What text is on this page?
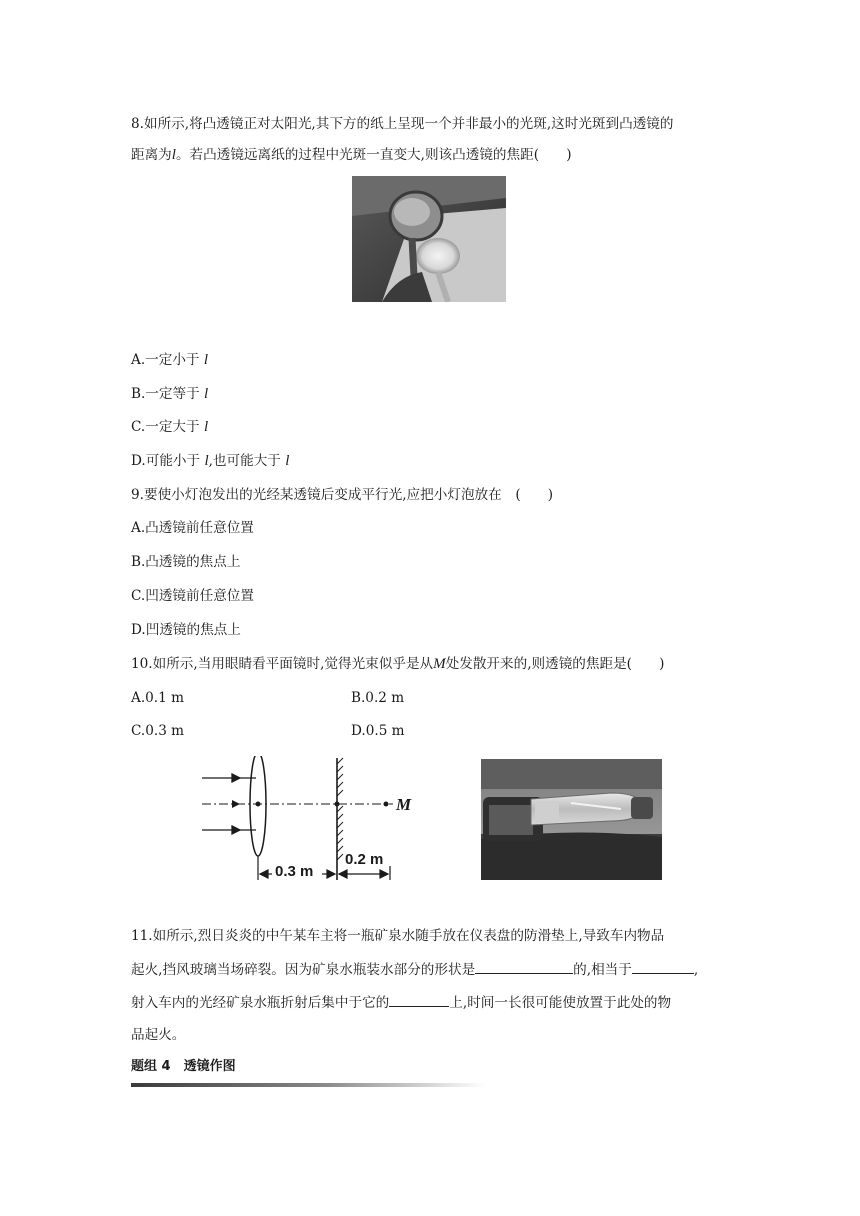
8.如所示,将凸透镜正对太阳光,其下方的纸上呈现一个并非最小的光斑,这时光斑到凸透镜的
距离为l。若凸透镜远离纸的过程中光斑一直变大,则该凸透镜的焦距(　　)
A.一定小于 l
B.一定等于 l
C.一定大于 l
D.可能小于 l,也可能大于 l
9.要使小灯泡发出的光经某透镜后变成平行光,应把小灯泡放在　(　　)
A.凸透镜前任意位置
B.凸透镜的焦点上
C.凹透镜前任意位置
D.凹透镜的焦点上
10.如所示,当用眼睛看平面镜时,觉得光束似乎是从M处发散开来的,则透镜的焦距是(　　)
A.0.1 m	B.0.2 m
C.0.3 m	D.0.5 m
M
0.3 m
0.2 m
11.如所示,烈日炎炎的中午某车主将一瓶矿泉水随手放在仪表盘的防滑垫上,导致车内物品
起火,挡风玻璃当场碎裂。因为矿泉水瓶装水部分的形状是	的,相当于	,
射入车内的光经矿泉水瓶折射后集中于它的	上,时间一长很可能使放置于此处的物
品起火。
题组 4　透镜作图
